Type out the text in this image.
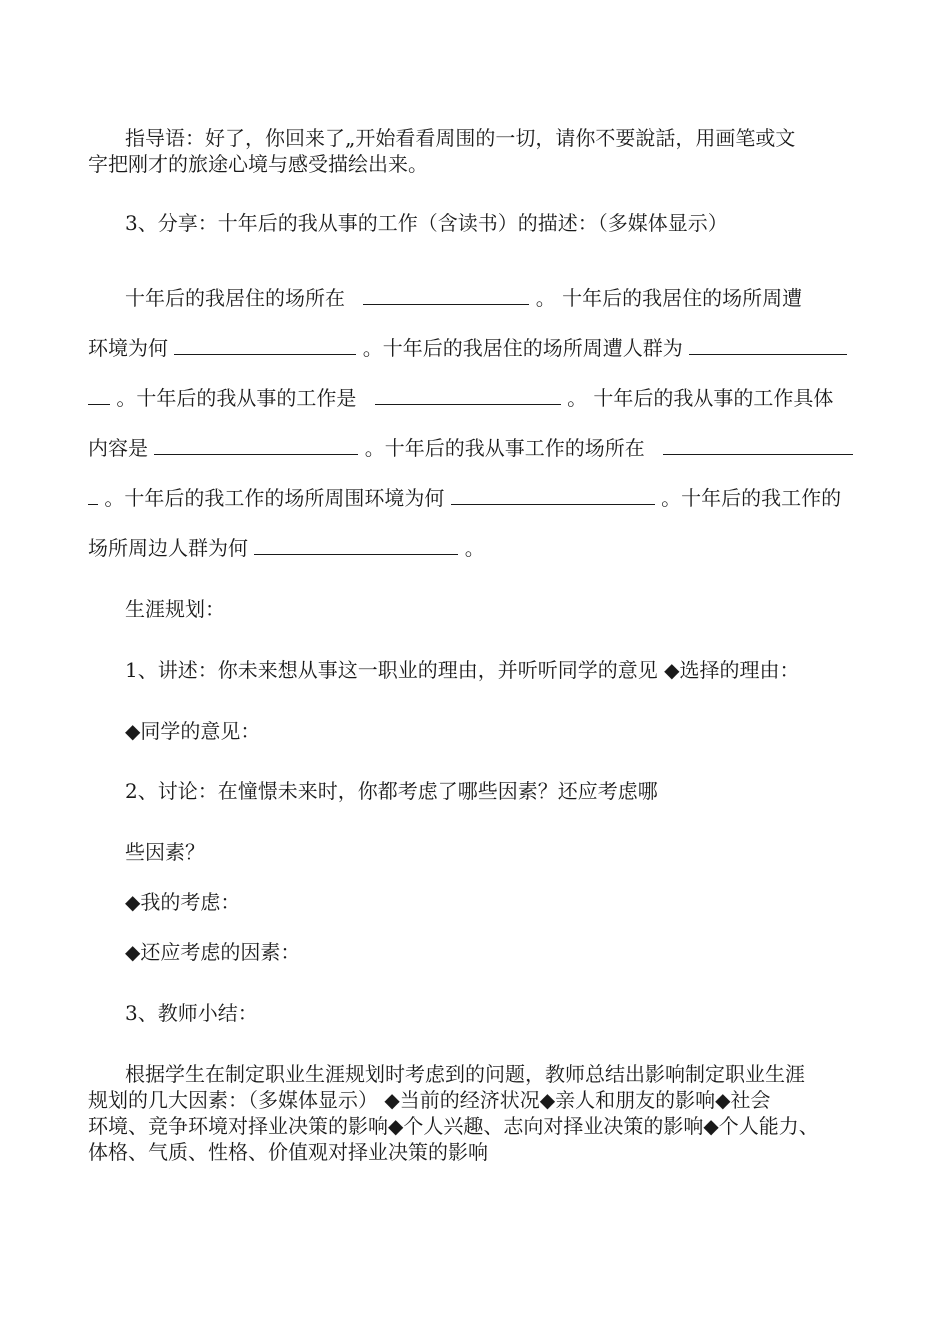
指导语：好了，你回来了„开始看看周围的一切，请你不要說話，用画笔或文
字把刚才的旅途心境与感受描绘出来。
3、分享：十年后的我从事的工作（含读书）的描述：（多媒体显示）
十年后的我居住的场所在	。 十年后的我居住的场所周遭
环境为何	。十年后的我居住的场所周遭人群为
。十年后的我从事的工作是	。 十年后的我从事的工作具体
内容是	。十年后的我从事工作的场所在
。十年后的我工作的场所周围环境为何	。十年后的我工作的
场所周边人群为何	。
生涯规划：
1、讲述：你未来想从事这一职业的理由，并听听同学的意见 ◆选择的理由：
◆同学的意见：
2、讨论：在憧憬未来时，你都考虑了哪些因素？还应考虑哪
些因素？
◆我的考虑：
◆还应考虑的因素：
3、教师小结：
根据学生在制定职业生涯规划时考虑到的问题，教师总结出影响制定职业生涯
规划的几大因素：（多媒体显示） ◆当前的经济状况◆亲人和朋友的影响◆社会
环境、竞争环境对择业决策的影响◆个人兴趣、志向对择业决策的影响◆个人能力、
体格、气质、性格、价值观对择业决策的影响
